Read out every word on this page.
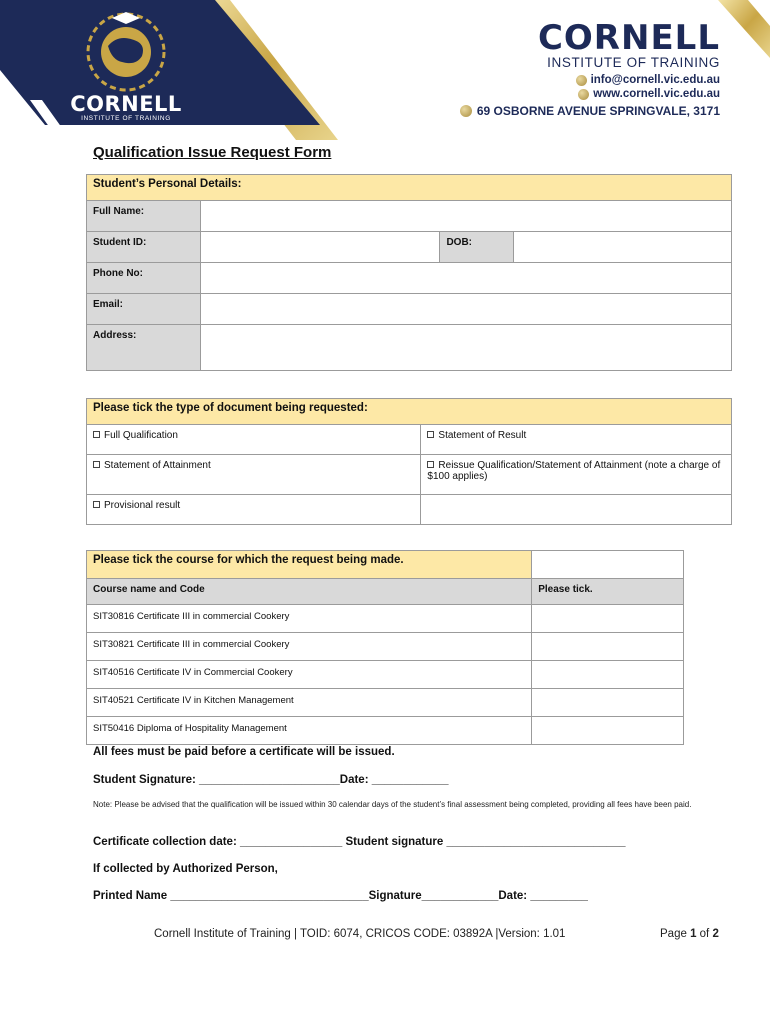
CORNELL
INSTITUTE OF TRAINING
CORNELL
INSTITUTE OF TRAINING
info@cornell.vic.edu.au
www.cornell.vic.edu.au
69 OSBORNE AVENUE SPRINGVALE, 3171
Qualification Issue Request Form
Student’s Personal Details:			
Full Name:			
Student ID:		DOB:	
Phone No:			
Email:			
Address:			
Please tick the type of document being requested:	
Full Qualification	Statement of Result
Statement of Attainment	Reissue Qualification/Statement of Attainment (note a charge of $100 applies)
Provisional result	
Please tick the course for which the request being made.	
Course name and Code	Please tick.
SIT30816 Certificate III in commercial Cookery	
SIT30821 Certificate III in commercial Cookery	
SIT40516 Certificate IV in Commercial Cookery	
SIT40521 Certificate IV in Kitchen Management	
SIT50416 Diploma of Hospitality Management	
All fees must be paid before a certificate will be issued.
Student Signature: ______________________Date: ____________
Note: Please be advised that the qualification will be issued within 30 calendar days of the student’s final assessment being completed, providing all fees have been paid.
Certificate collection date: ________________ Student signature ____________________________
If collected by Authorized Person,
Printed Name _______________________________Signature____________Date: _________
Cornell Institute of Training | TOID: 6074, CRICOS CODE: 03892A |Version: 1.01	Page 1 of 2
